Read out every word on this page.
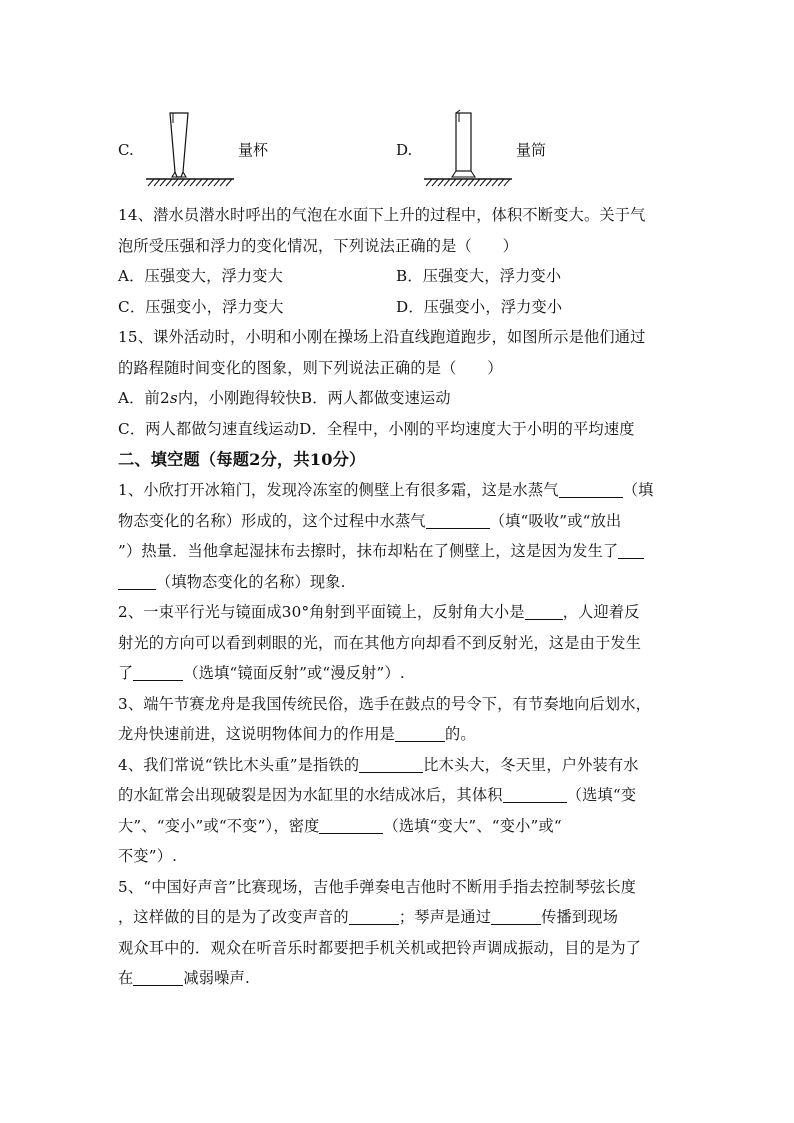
C.	量杯	D.	量筒
14、潜水员潜水时呼出的气泡在水面下上升的过程中，体积不断变大。关于气
泡所受压强和浮力的变化情况，下列说法正确的是（　　）
A．压强变大，浮力变大	B．压强变大，浮力变小
C．压强变小，浮力变大	D．压强变小，浮力变小
15、课外活动时，小明和小刚在操场上沿直线跑道跑步，如图所示是他们通过
的路程随时间变化的图象，则下列说法正确的是（　　）
A．前2s内，小刚跑得较快B．两人都做变速运动
C．两人都做匀速直线运动D．全程中，小刚的平均速度大于小明的平均速度
二、填空题（每题2分，共10分）
1、小欣打开冰箱门，发现冷冻室的侧壁上有很多霜，这是水蒸气	（填
物态变化的名称）形成的，这个过程中水蒸气	（填“吸收”或“放出
”）热量．当他拿起湿抹布去擦时，抹布却粘在了侧壁上，这是因为发生了
（填物态变化的名称）现象.
2、一束平行光与镜面成30°角射到平面镜上，反射角大小是	，人迎着反
射光的方向可以看到刺眼的光，而在其他方向却看不到反射光，这是由于发生
了	（选填“镜面反射”或“漫反射”）.
3、端午节赛龙舟是我国传统民俗，选手在鼓点的号令下，有节奏地向后划水，
龙舟快速前进，这说明物体间力的作用是	的。
4、我们常说“铁比木头重”是指铁的	比木头大，冬天里，户外装有水
的水缸常会出现破裂是因为水缸里的水结成冰后，其体积	（选填“变
大”、“变小”或“不变”），密度	（选填“变大”、“变小”或“
不变”）.
5、“中国好声音”比赛现场，吉他手弹奏电吉他时不断用手指去控制琴弦长度
，这样做的目的是为了改变声音的	；琴声是通过	传播到现场
观众耳中的．观众在听音乐时都要把手机关机或把铃声调成振动，目的是为了
在	减弱噪声.
